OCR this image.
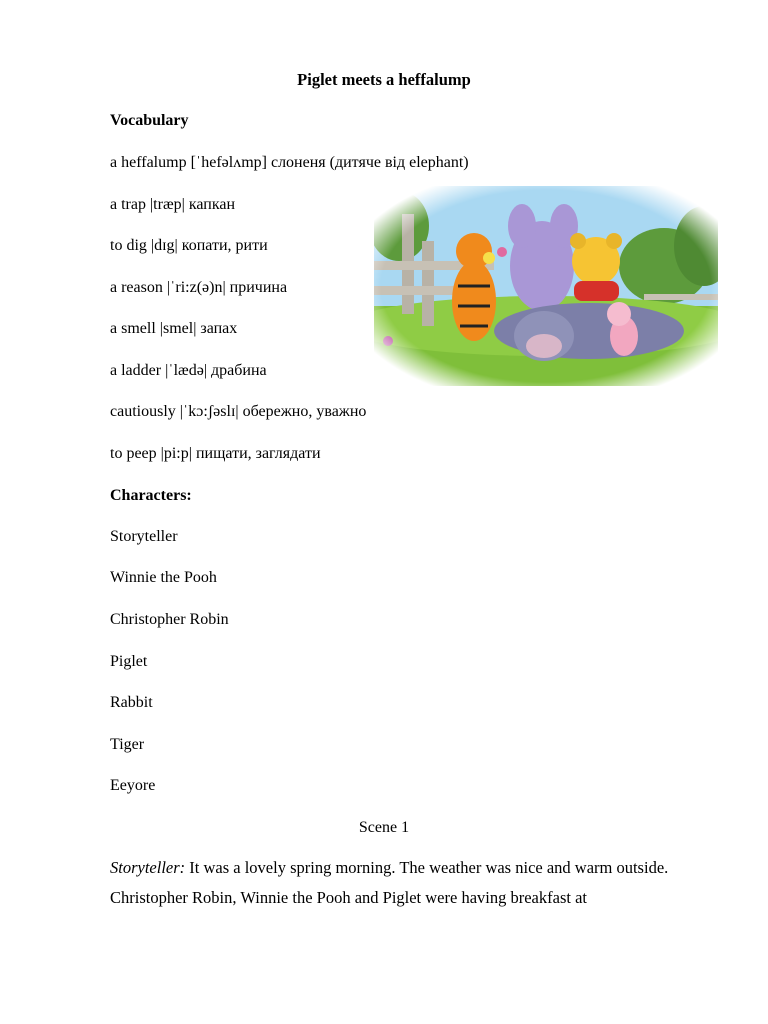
Piglet meets a heffalump
Vocabulary
a heffalump [ˈhefəlʌmp] слоненя (дитяче від elephant)
a trap |træp| капкан
to dig |dɪg| копати, рити
a reason |ˈri:z(ə)n| причина
a smell |smel| запах
a ladder |ˈlædə| драбина
cautiously |ˈkɔ:ʃəslɪ| обережно, уважно
to peep |pi:p| пищати, заглядати
Characters:
Storyteller
Winnie the Pooh
Christopher Robin
Piglet
Rabbit
Tiger
Eeyore
Scene 1
Storyteller: It was a lovely spring morning. The weather was nice and warm outside. Christopher Robin, Winnie the Pooh and Piglet were having breakfast at
